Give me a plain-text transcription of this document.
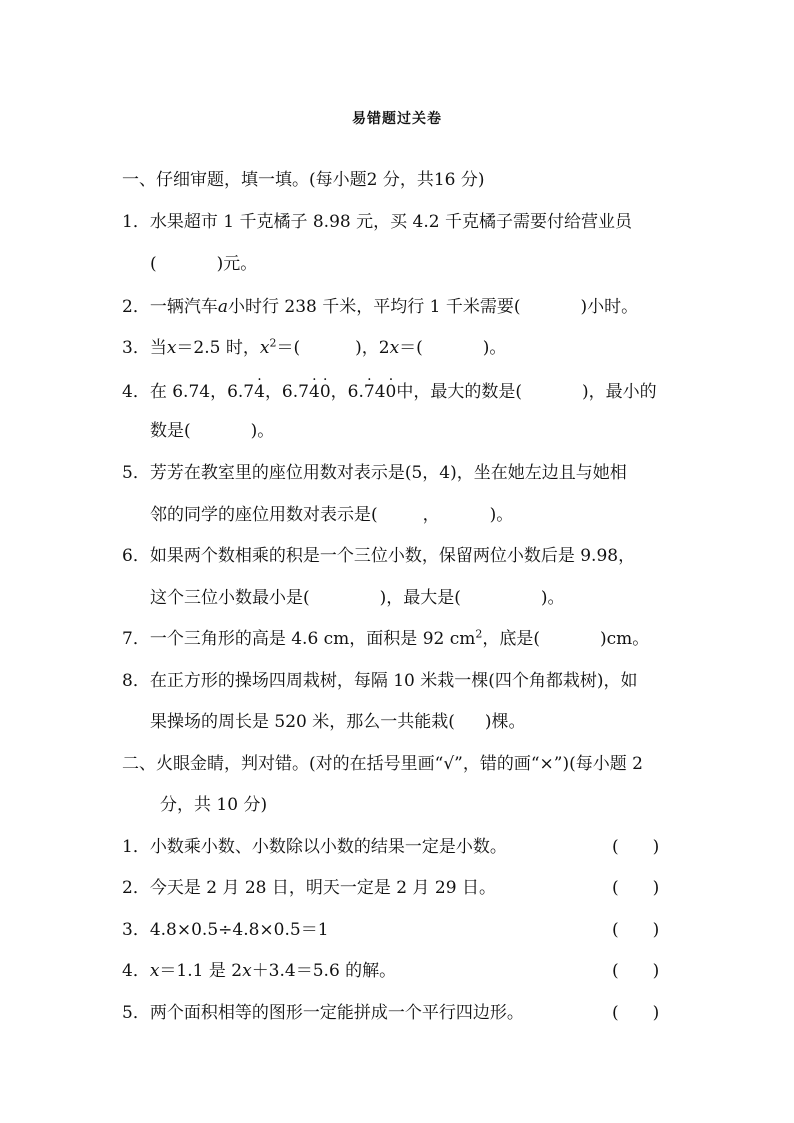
易错题过关卷
一、仔细审题，填一填。(每小题2 分，共16 分)
1．水果超市 1 千克橘子 8.98 元，买 4.2 千克橘子需要付给营业员
(	)元。
2．一辆汽车a小时行 238 千米，平均行 1 千米需要(	)小时。
3．当x＝2.5 时，$x^2=$(	)，2x＝(	)。
4．在 6.74，6.7· 4，6.7· 4· 0，6.· 74· 0中，最大的数是(	)，最小的
数是(	)。
5．芳芳在教室里的座位用数对表示是(5，4)，坐在她左边且与她相
邻的同学的座位用数对表示是(	，	)。
6．如果两个数相乘的积是一个三位小数，保留两位小数后是 9.98，
这个三位小数最小是(	)，最大是(	)。
7．一个三角形的高是 4.6 cm，面积是 92 $cm^2$，底是(	)cm。
8．在正方形的操场四周栽树，每隔 10 米栽一棵(四个角都栽树)，如
果操场的周长是 520 米，那么一共能栽( )棵。
二、火眼金睛，判对错。(对的在括号里画“√”，错的画“×”)(每小题 2
分，共 10 分)
1．小数乘小数、小数除以小数的结果一定是小数。	(　　)
2．今天是 2 月 28 日，明天一定是 2 月 29 日。	(　　)
3．4.8×0.5÷4.8×0.5＝1	(　　)
4．x＝1.1 是 2x＋3.4＝5.6 的解。	(　　)
5．两个面积相等的图形一定能拼成一个平行四边形。	(　　)
